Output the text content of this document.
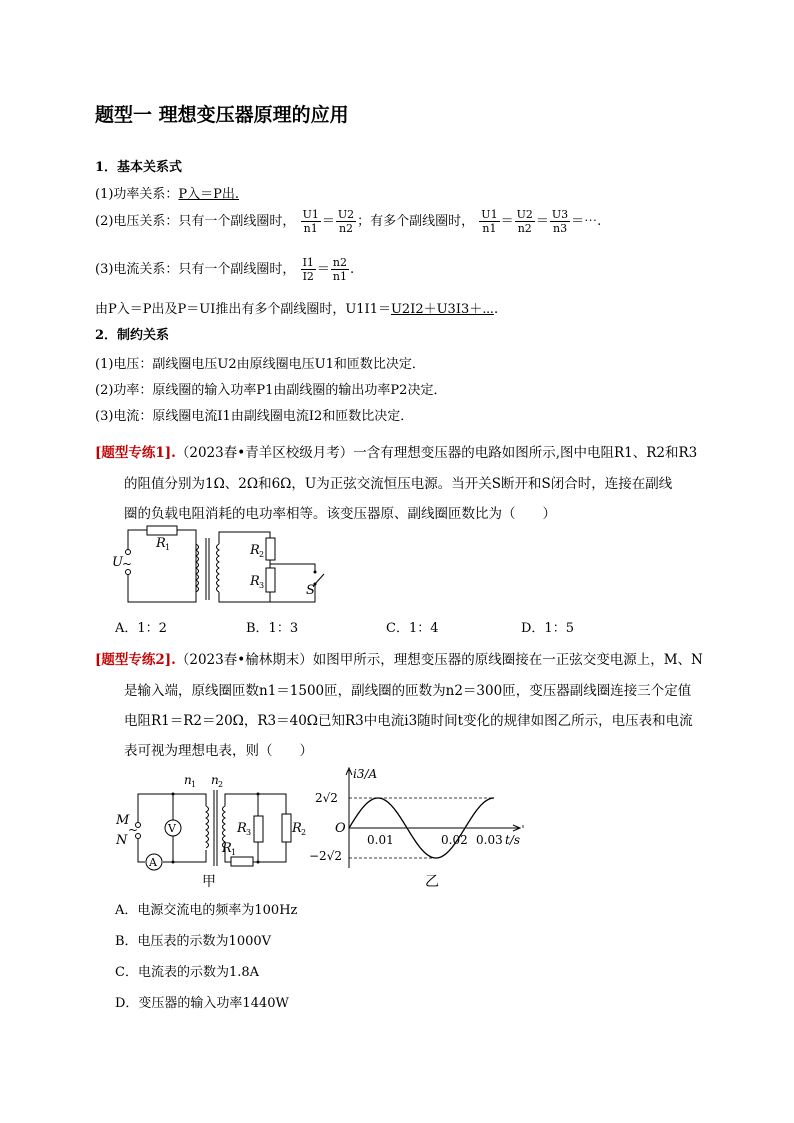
题型一 理想变压器原理的应用
1．基本关系式
(1)功率关系：P入＝P出.
(2)电压关系：只有一个副线圈时， $\frac{U1}{n1} = \frac{U2}{n2}$ ；有多个副线圈时， $\frac{U1}{n1} = \frac{U2}{n2} = \frac{U3}{n3}$ ＝⋯.
(3)电流关系：只有一个副线圈时， $\frac{I1}{I2} = \frac{n2}{n1}$ .
由P入＝P出及P＝UI推出有多个副线圈时，U1I1＝U2I2＋U3I3＋⋯.
2．制约关系
(1)电压：副线圈电压U2由原线圈电压U1和匝数比决定．
(2)功率：原线圈的输入功率P1由副线圈的输出功率P2决定．
(3)电流：原线圈电流I1由副线圈电流I2和匝数比决定．
[题型专练1].（2023春•青羊区校级月考）一含有理想变压器的电路如图所示,图中电阻R1、R2和R3
的阻值分别为1Ω、2Ω和6Ω，U为正弦交流恒压电源。当开关S断开和S闭合时，连接在副线
圈的负载电阻消耗的电功率相等。该变压器原、副线圈匝数比为（　　）
U ~
R 1	R 2
R 3	S
A．1：2	B．1：3	C．1：4	D．1：5
[题型专练2].（2023春•榆林期末）如图甲所示，理想变压器的原线圈接在一正弦交变电源上，M、N
是输入端，原线圈匝数n1＝1500匝，副线圈的匝数为n2＝300匝，变压器副线圈连接三个定值
电阻R1＝R2＝20Ω，R3＝40Ω已知R3中电流i3随时间t变化的规律如图乙所示，电压表和电流
表可视为理想电表，则（　　）
M
~
N
V
A
n 1 n 2
R 3	R 2
R 1
甲
i3/A
2√2
−2√2
O
0.01	0.02 0.03 t/s
乙
A．电源交流电的频率为100Hz
B．电压表的示数为1000V
C．电流表的示数为1.8A
D．变压器的输入功率1440W
